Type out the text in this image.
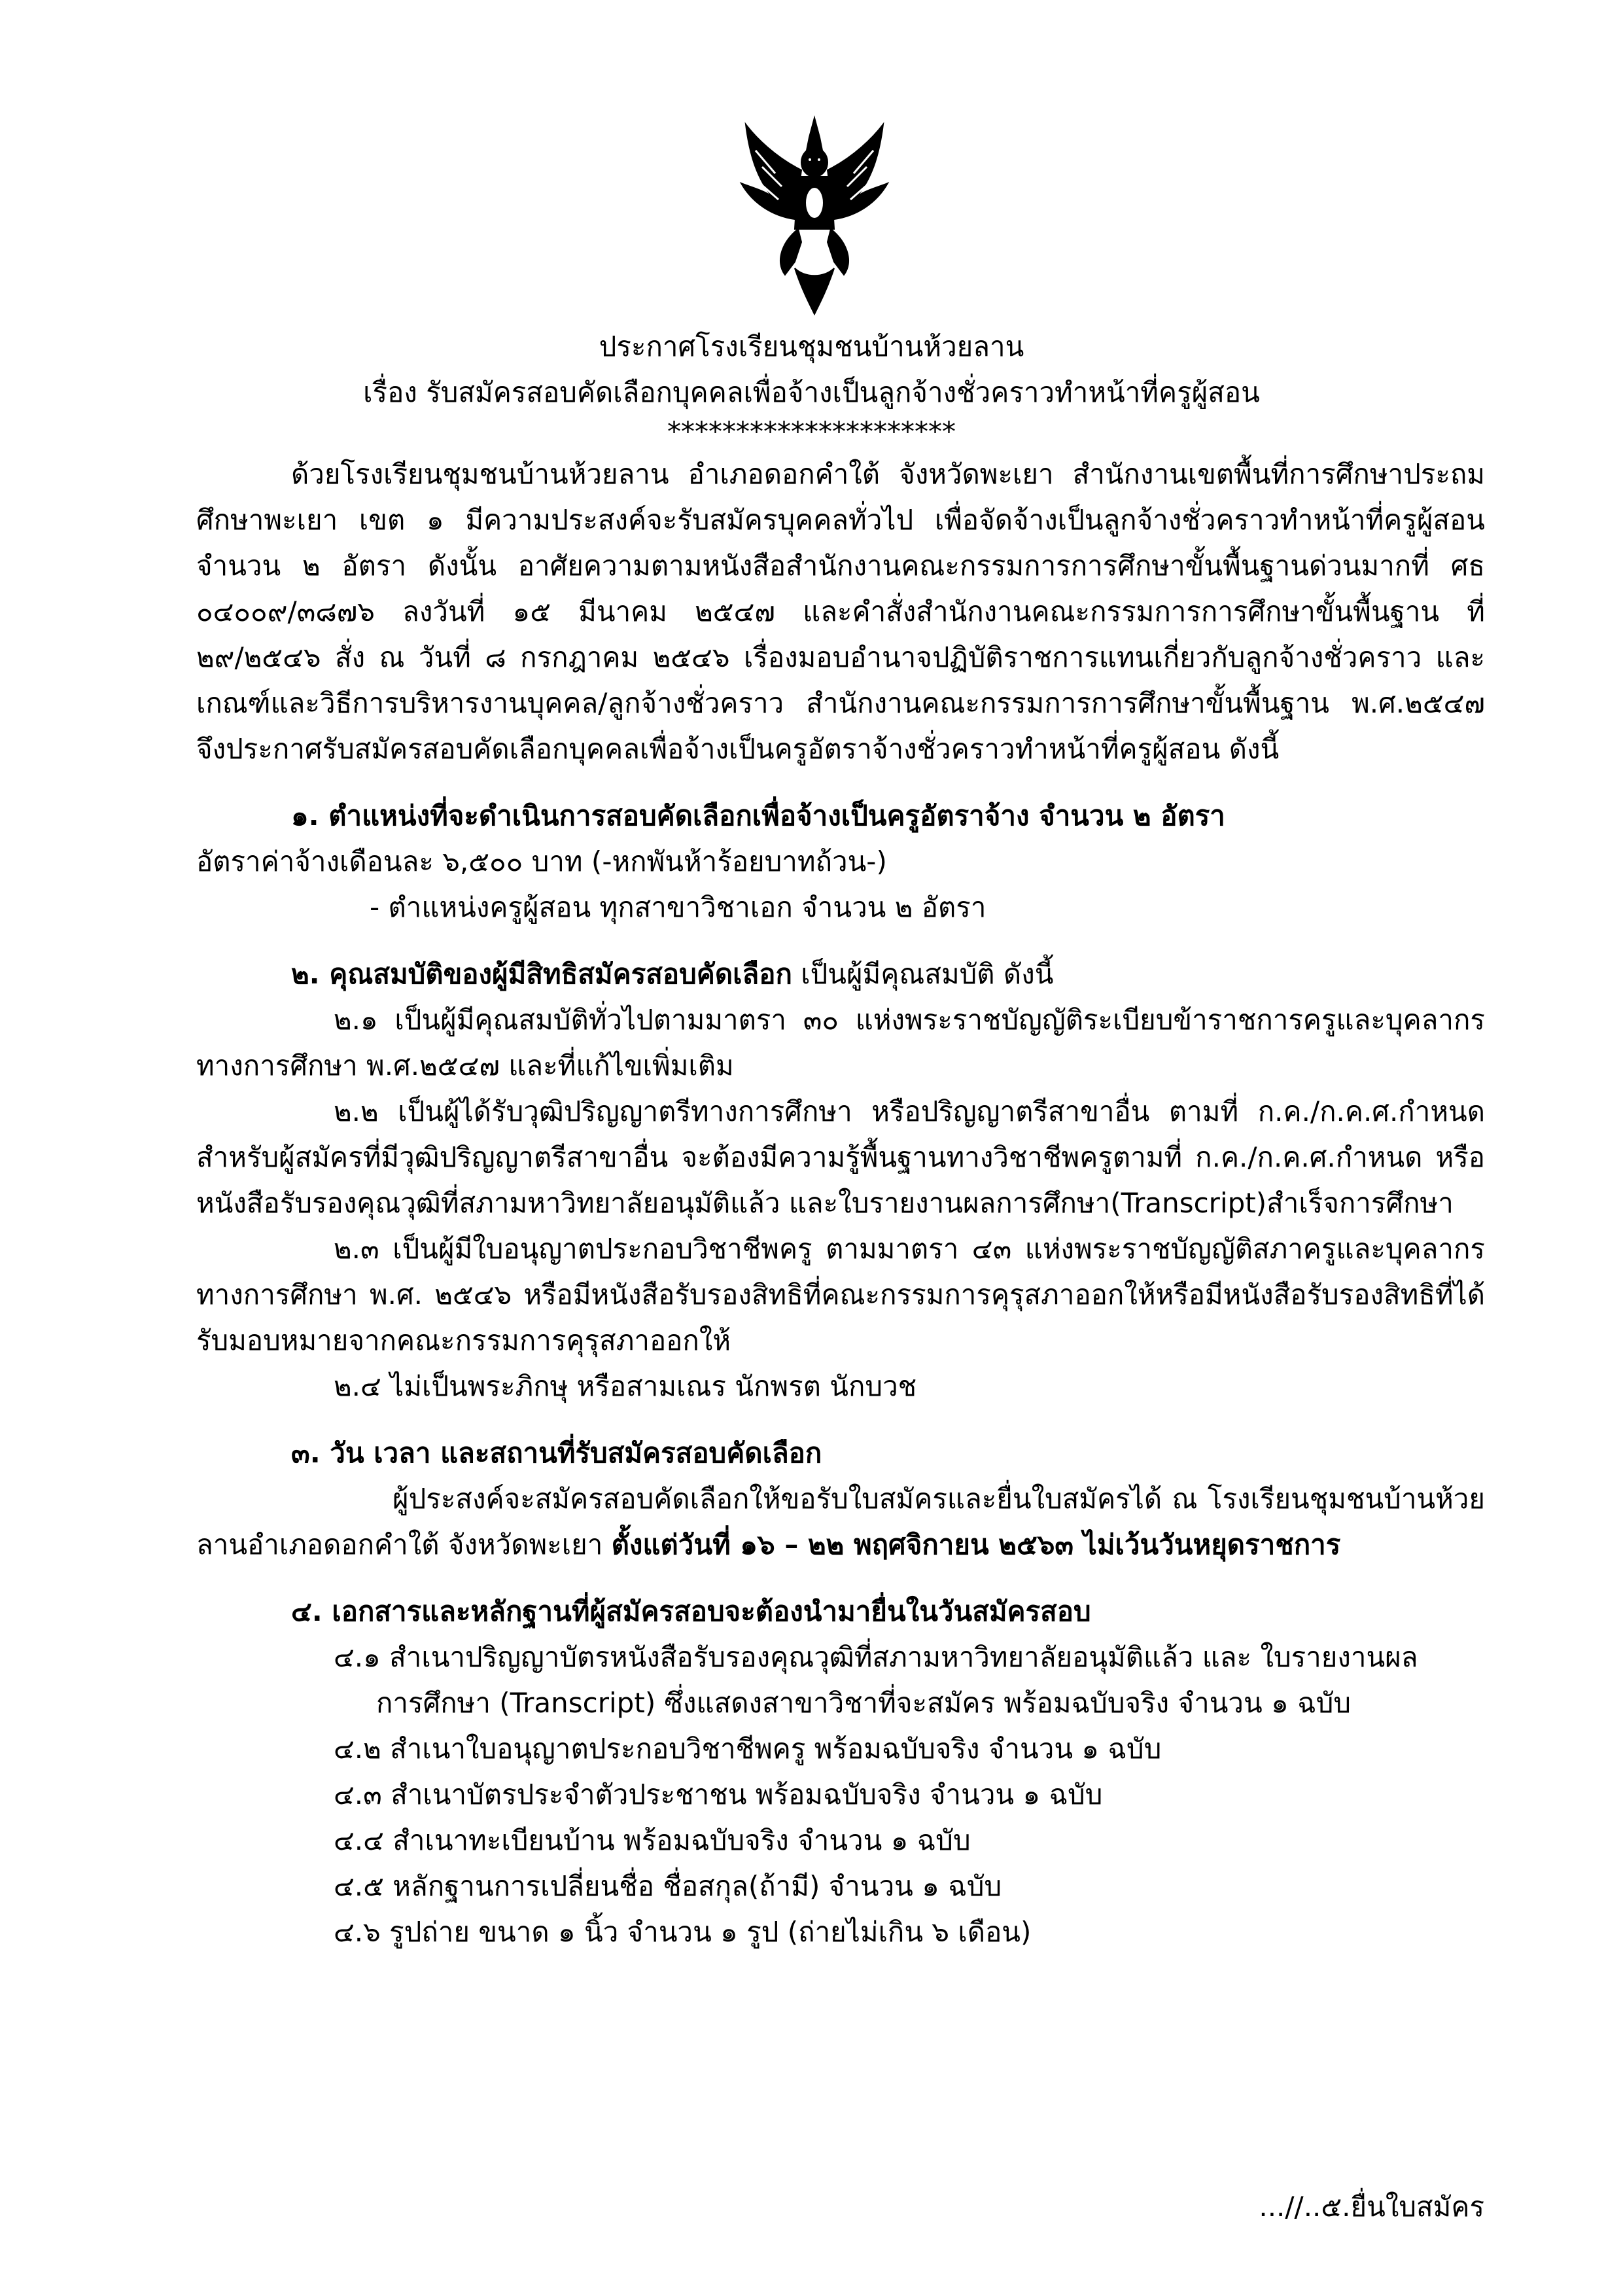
ประกาศโรงเรียนชุมชนบ้านห้วยลาน
เรื่อง รับสมัครสอบคัดเลือกบุคคลเพื่อจ้างเป็นลูกจ้างชั่วคราวทำหน้าที่ครูผู้สอน
*********************

ด้วยโรงเรียนชุมชนบ้านห้วยลาน อำเภอดอกคำใต้ จังหวัดพะเยา สำนักงานเขตพื้นที่การศึกษาประถมศึกษาพะเยา เขต ๑ มีความประสงค์จะรับสมัครบุคคลทั่วไป เพื่อจัดจ้างเป็นลูกจ้างชั่วคราวทำหน้าที่ครูผู้สอนจำนวน ๒ อัตรา ดังนั้น อาศัยความตามหนังสือสำนักงานคณะกรรมการการศึกษาขั้นพื้นฐานด่วนมากที่ ศธ ๐๔๐๐๙/๓๘๗๖ ลงวันที่ ๑๕ มีนาคม ๒๕๔๗ และคำสั่งสำนักงานคณะกรรมการการศึกษาขั้นพื้นฐาน ที่ ๒๙/๒๕๔๖ สั่ง ณ วันที่ ๘ กรกฎาคม ๒๕๔๖ เรื่องมอบอำนาจปฏิบัติราชการแทนเกี่ยวกับลูกจ้างชั่วคราว และเกณฑ์และวิธีการบริหารงานบุคคล/ลูกจ้างชั่วคราว สำนักงานคณะกรรมการการศึกษาขั้นพื้นฐาน พ.ศ.๒๕๔๗ จึงประกาศรับสมัครสอบคัดเลือกบุคคลเพื่อจ้างเป็นครูอัตราจ้างชั่วคราวทำหน้าที่ครูผู้สอน ดังนี้

๑. ตำแหน่งที่จะดำเนินการสอบคัดเลือกเพื่อจ้างเป็นครูอัตราจ้าง จำนวน ๒ อัตรา

อัตราค่าจ้างเดือนละ ๖,๕๐๐ บาท (-หกพันห้าร้อยบาทถ้วน-)

- ตำแหน่งครูผู้สอน ทุกสาขาวิชาเอก จำนวน ๒ อัตรา

๒. คุณสมบัติของผู้มีสิทธิสมัครสอบคัดเลือก เป็นผู้มีคุณสมบัติ ดังนี้

๒.๑ เป็นผู้มีคุณสมบัติทั่วไปตามมาตรา ๓๐ แห่งพระราชบัญญัติระเบียบข้าราชการครูและบุคลากรทางการศึกษา พ.ศ.๒๕๔๗ และที่แก้ไขเพิ่มเติม

๒.๒ เป็นผู้ได้รับวุฒิปริญญาตรีทางการศึกษา หรือปริญญาตรีสาขาอื่น ตามที่ ก.ค./ก.ค.ศ.กำหนด สำหรับผู้สมัครที่มีวุฒิปริญญาตรีสาขาอื่น จะต้องมีความรู้พื้นฐานทางวิชาชีพครูตามที่ ก.ค./ก.ค.ศ.กำหนด หรือหนังสือรับรองคุณวุฒิที่สภามหาวิทยาลัยอนุมัติแล้ว และใบรายงานผลการศึกษา(Transcript)สำเร็จการศึกษา

๒.๓ เป็นผู้มีใบอนุญาตประกอบวิชาชีพครู ตามมาตรา ๔๓ แห่งพระราชบัญญัติสภาครูและบุคลากรทางการศึกษา พ.ศ. ๒๕๔๖ หรือมีหนังสือรับรองสิทธิที่คณะกรรมการคุรุสภาออกให้หรือมีหนังสือรับรองสิทธิที่ได้รับมอบหมายจากคณะกรรมการคุรุสภาออกให้

๒.๔ ไม่เป็นพระภิกษุ หรือสามเณร นักพรต นักบวช

๓. วัน เวลา และสถานที่รับสมัครสอบคัดเลือก

ผู้ประสงค์จะสมัครสอบคัดเลือกให้ขอรับใบสมัครและยื่นใบสมัครได้ ณ โรงเรียนชุมชนบ้านห้วยลานอำเภอดอกคำใต้ จังหวัดพะเยา ตั้งแต่วันที่ ๑๖ – ๒๒ พฤศจิกายน ๒๕๖๓ ไม่เว้นวันหยุดราชการ

๔. เอกสารและหลักฐานที่ผู้สมัครสอบจะต้องนำมายื่นในวันสมัครสอบ

๔.๑ สำเนาปริญญาบัตรหนังสือรับรองคุณวุฒิที่สภามหาวิทยาลัยอนุมัติแล้ว และ ใบรายงานผล

การศึกษา (Transcript) ซึ่งแสดงสาขาวิชาที่จะสมัคร พร้อมฉบับจริง จำนวน ๑ ฉบับ

๔.๒ สำเนาใบอนุญาตประกอบวิชาชีพครู พร้อมฉบับจริง จำนวน ๑ ฉบับ

๔.๓ สำเนาบัตรประจำตัวประชาชน พร้อมฉบับจริง จำนวน ๑ ฉบับ

๔.๔ สำเนาทะเบียนบ้าน พร้อมฉบับจริง จำนวน ๑ ฉบับ

๔.๕ หลักฐานการเปลี่ยนชื่อ ชื่อสกุล(ถ้ามี) จำนวน ๑ ฉบับ

๔.๖ รูปถ่าย ขนาด ๑ นิ้ว จำนวน ๑ รูป (ถ่ายไม่เกิน ๖ เดือน)

...//..๕.ยื่นใบสมัคร
